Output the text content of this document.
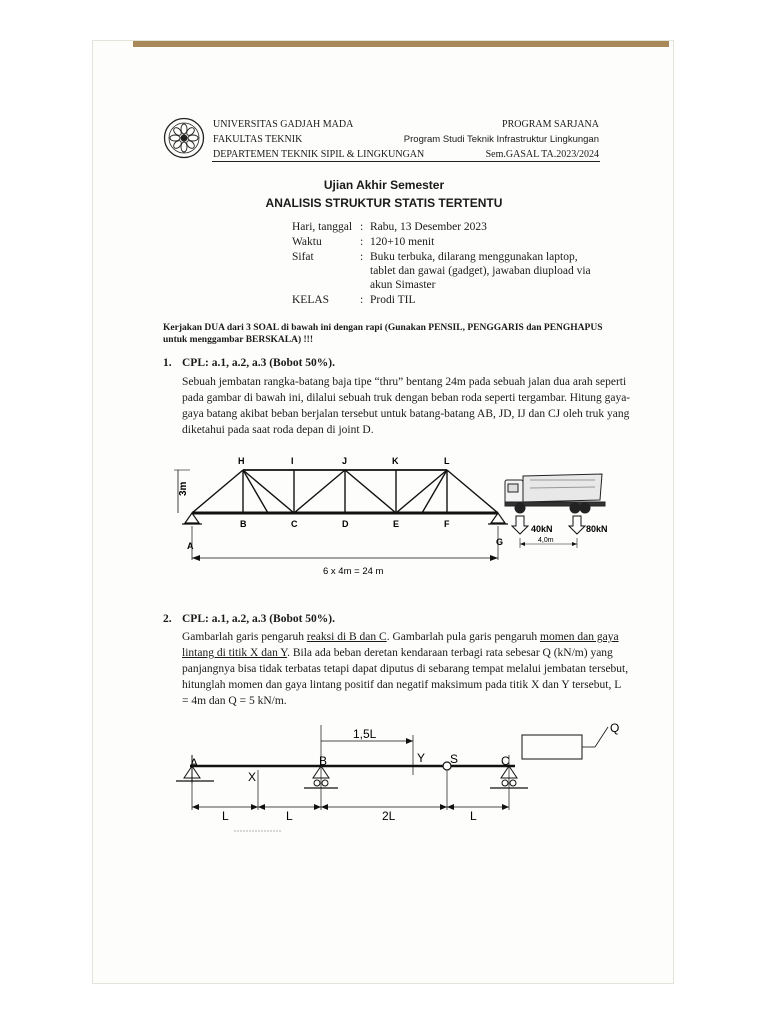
UNIVERSITAS GADJAH MADA
FAKULTAS TEKNIK
DEPARTEMEN TEKNIK SIPIL & LINGKUNGAN
PROGRAM SARJANA
Program Studi Teknik Infrastruktur Lingkungan
Sem.GASAL TA.2023/2024
Ujian Akhir Semester
ANALISIS STRUKTUR STATIS TERTENTU
Hari, tanggal : Rabu, 13 Desember 2023
Waktu	: 120+10 menit
Sifat	: Buku terbuka, dilarang menggunakan laptop,
tablet dan gawai (gadget), jawaban diupload via
akun Simaster
KELAS	: Prodi TIL
Kerjakan DUA dari 3 SOAL di bawah ini dengan rapi (Gunakan PENSIL, PENGGARIS dan PENGHAPUS
untuk menggambar BERSKALA) !!!
1. CPL: a.1, a.2, a.3 (Bobot 50%).
Sebuah jembatan rangka-batang baja tipe “thru” bentang 24m pada sebuah jalan dua arah seperti
pada gambar di bawah ini, dilalui sebuah truk dengan beban roda seperti tergambar. Hitung gaya-
gaya batang akibat beban berjalan tersebut untuk batang-batang AB, JD, IJ dan CJ oleh truk yang
diketahui pada saat roda depan di joint D.
3m
H	I	J	K	L
B	C	D	E	F
A	G
6 x 4m = 24 m
40kN	80kN
4,0m
2. CPL: a.1, a.2, a.3 (Bobot 50%).
Gambarlah garis pengaruh reaksi di B dan C. Gambarlah pula garis pengaruh momen dan gaya
lintang di titik X dan Y. Bila ada beban deretan kendaraan terbagi rata sebesar Q (kN/m) yang
panjangnya bisa tidak terbatas tetapi dapat diputus di sebarang tempat melalui jembatan tersebut,
hitunglah momen dan gaya lintang positif dan negatif maksimum pada titik X dan Y tersebut, L
= 4m dan Q = 5 kN/m.
A
X
B	Y
1,5L
S	C
Q
L	L	2L	L
